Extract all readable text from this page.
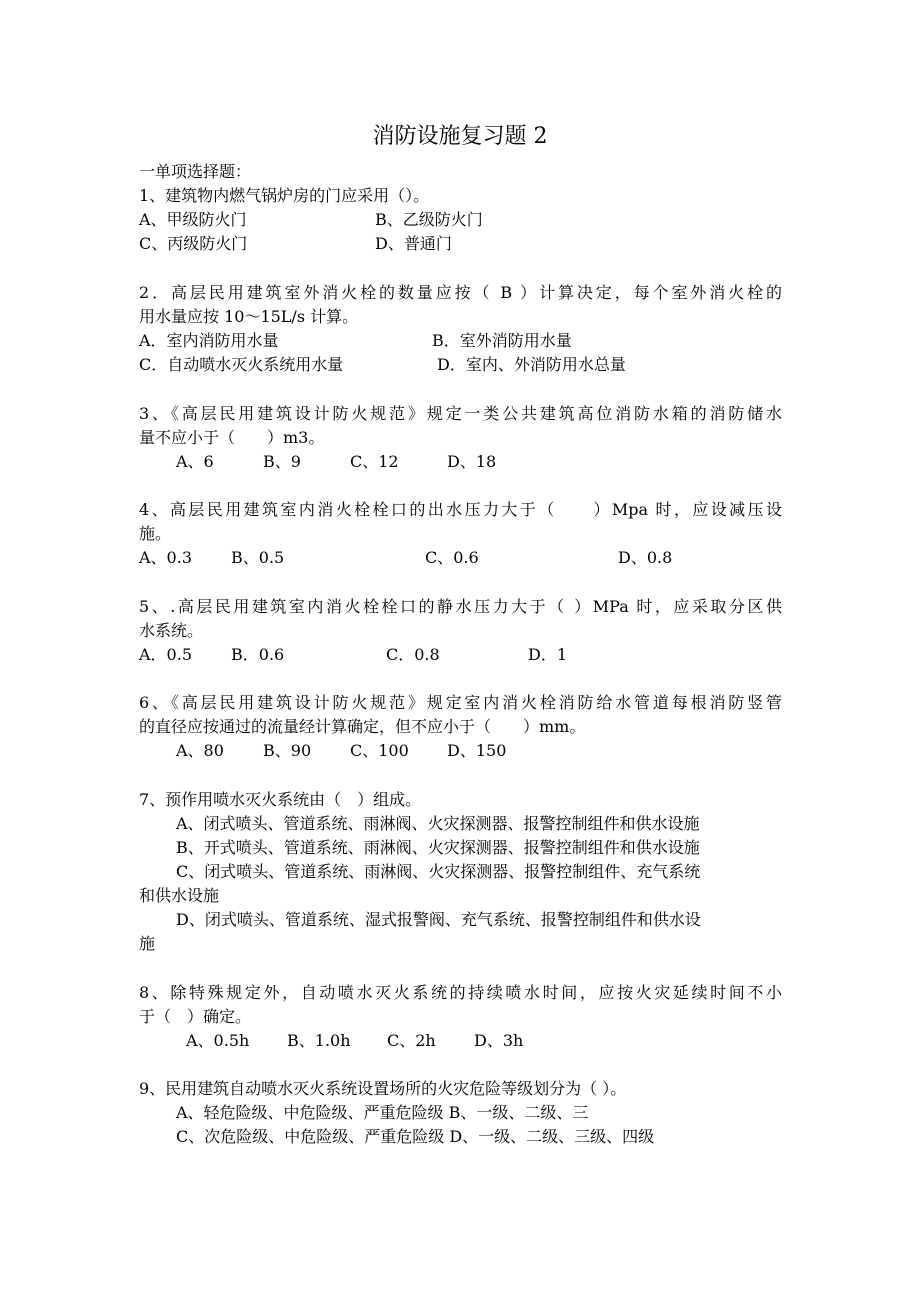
消防设施复习题 2
一单项选择题：
1、建筑物内燃气锅炉房的门应采用（）。
A、甲级防火门	B、乙级防火门
C、丙级防火门	D、普通门
2．高层民用建筑室外消火栓的数量应按（ B ）计算决定，每个室外消火栓的
用水量应按 10～15L/s 计算。
A．室内消防用水量	B．室外消防用水量
C．自动喷水灭火系统用水量	D．室内、外消防用水总量
3、《高层民用建筑设计防火规范》规定一类公共建筑高位消防水箱的消防储水
量不应小于（　　）m3。
A、6	B、9	C、12	D、18
4、高层民用建筑室内消火栓栓口的出水压力大于（　　）Mpa 时，应设减压设
施。
A、0.3 B、0.5	C、0.6	D、0.8
5、.高层民用建筑室内消火栓栓口的静水压力大于（ ）MPa 时，应采取分区供
水系统。
A．0.5 B．0.6	C．0.8	D．1
6、《高层民用建筑设计防火规范》规定室内消火栓消防给水管道每根消防竖管
的直径应按通过的流量经计算确定，但不应小于（　　）mm。
A、80 B、90 C、100 D、150
7、预作用喷水灭火系统由（　）组成。
A、闭式喷头、管道系统、雨淋阀、火灾探测器、报警控制组件和供水设施
B、开式喷头、管道系统、雨淋阀、火灾探测器、报警控制组件和供水设施
C、闭式喷头、管道系统、雨淋阀、火灾探测器、报警控制组件、充气系统
和供水设施
D、闭式喷头、管道系统、湿式报警阀、充气系统、报警控制组件和供水设
施
8、除特殊规定外，自动喷水灭火系统的持续喷水时间，应按火灾延续时间不小
于（　）确定。
A、0.5h B、1.0h C、2h D、3h
9、民用建筑自动喷水灭火系统设置场所的火灾危险等级划分为（ ）。
A、轻危险级、中危险级、严重危险级 B、一级、二级、三
C、次危险级、中危险级、严重危险级 D、一级、二级、三级、四级
